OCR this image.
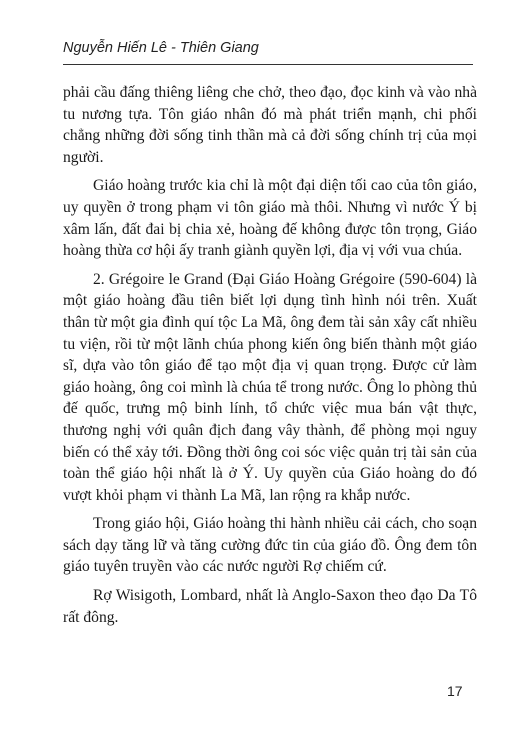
Nguyễn Hiến Lê - Thiên Giang

phải cầu đấng thiêng liêng che chở, theo đạo, đọc kinh và vào nhà tu nương tựa. Tôn giáo nhân đó mà phát triển mạnh, chi phối chẳng những đời sống tinh thần mà cả đời sống chính trị của mọi người.

Giáo hoàng trước kia chỉ là một đại diện tối cao của tôn giáo, uy quyền ở trong phạm vi tôn giáo mà thôi. Nhưng vì nước Ý bị xâm lấn, đất đai bị chia xẻ, hoàng đế không được tôn trọng, Giáo hoàng thừa cơ hội ấy tranh giành quyền lợi, địa vị với vua chúa.

2. Grégoire le Grand (Đại Giáo Hoàng Grégoire (590-604) là một giáo hoàng đầu tiên biết lợi dụng tình hình nói trên. Xuất thân từ một gia đình quí tộc La Mã, ông đem tài sản xây cất nhiều tu viện, rồi từ một lãnh chúa phong kiến ông biến thành một giáo sĩ, dựa vào tôn giáo để tạo một địa vị quan trọng. Được cử làm giáo hoàng, ông coi mình là chúa tể trong nước. Ông lo phòng thủ đế quốc, trưng mộ binh lính, tổ chức việc mua bán vật thực, thương nghị với quân địch đang vây thành, để phòng mọi nguy biến có thể xảy tới. Đồng thời ông coi sóc việc quản trị tài sản của toàn thể giáo hội nhất là ở Ý. Uy quyền của Giáo hoàng do đó vượt khỏi phạm vi thành La Mã, lan rộng ra khắp nước.

Trong giáo hội, Giáo hoàng thi hành nhiều cải cách, cho soạn sách dạy tăng lữ và tăng cường đức tin của giáo đồ. Ông đem tôn giáo tuyên truyền vào các nước người Rợ chiếm cứ.

Rợ Wisigoth, Lombard, nhất là Anglo-Saxon theo đạo Da Tô rất đông.

17
